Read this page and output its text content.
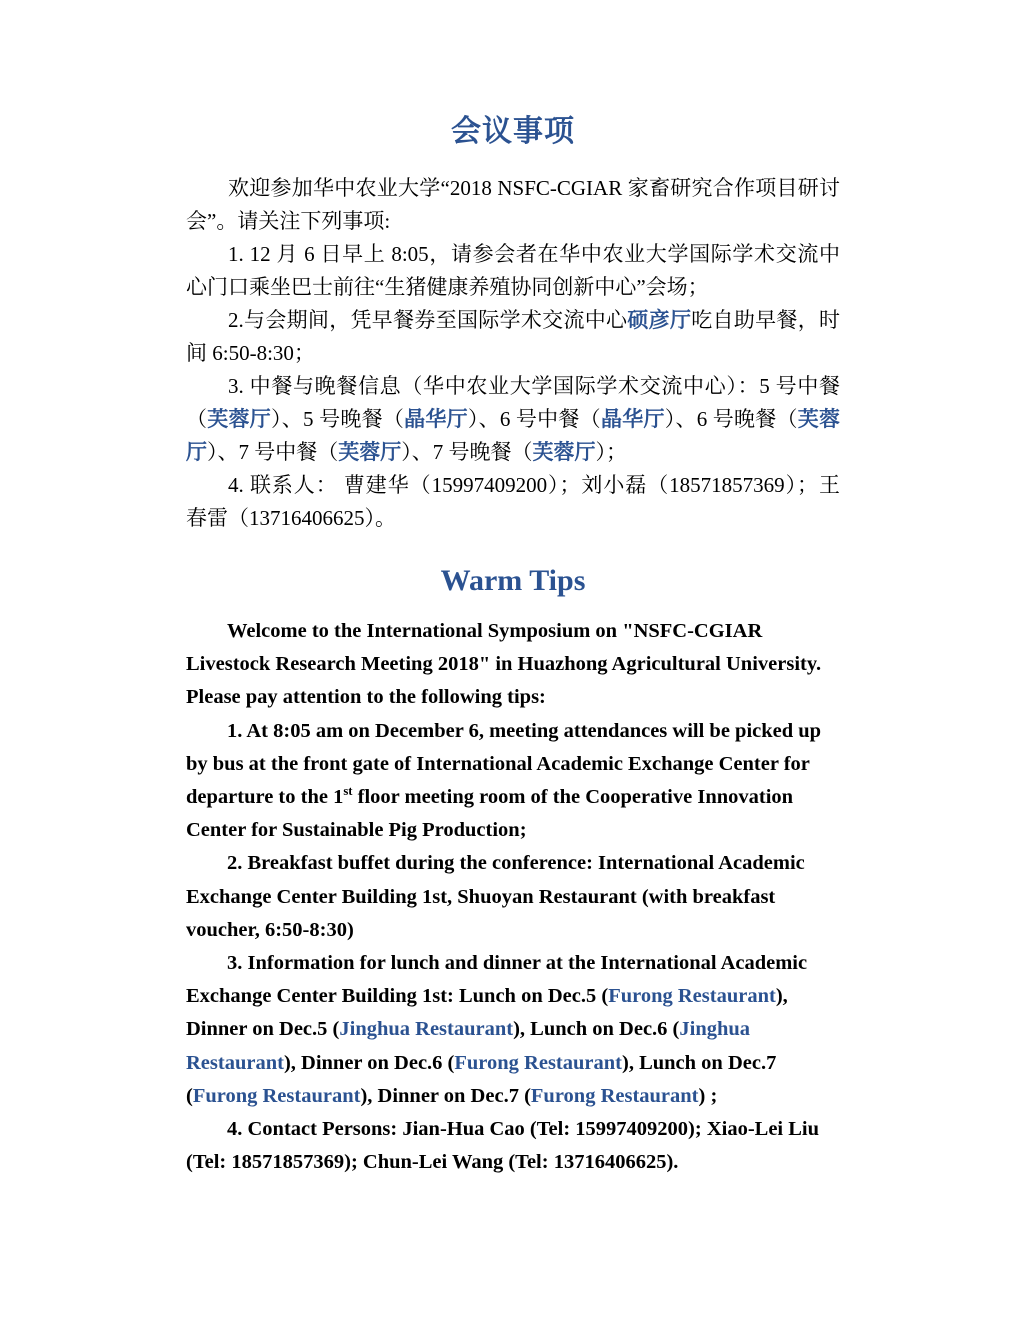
会议事项

欢迎参加华中农业大学“2018 NSFC-CGIAR 家畜研究合作项目研讨会”。请关注下列事项:

1. 12 月 6 日早上 8:05，请参会者在华中农业大学国际学术交流中心门口乘坐巴士前往“生猪健康养殖协同创新中心”会场；

2.与会期间，凭早餐券至国际学术交流中心硕彦厅吃自助早餐，时间 6:50-8:30；

3. 中餐与晚餐信息（华中农业大学国际学术交流中心）：5 号中餐（芙蓉厅）、5 号晚餐（晶华厅）、6 号中餐（晶华厅）、6 号晚餐（芙蓉厅）、7 号中餐（芙蓉厅）、7 号晚餐（芙蓉厅）；

4. 联系人： 曹建华（15997409200）；刘小磊（18571857369）；王春雷（13716406625）。

Warm Tips

Welcome to the International Symposium on "NSFC-CGIAR Livestock Research Meeting 2018" in Huazhong Agricultural University. Please pay attention to the following tips:

1. At 8:05 am on December 6, meeting attendances will be picked up by bus at the front gate of International Academic Exchange Center for departure to the 1st floor meeting room of the Cooperative Innovation Center for Sustainable Pig Production;

2. Breakfast buffet during the conference: International Academic Exchange Center Building 1st, Shuoyan Restaurant (with breakfast voucher, 6:50-8:30)

3. Information for lunch and dinner at the International Academic Exchange Center Building 1st: Lunch on Dec.5 (Furong Restaurant), Dinner on Dec.5 (Jinghua Restaurant), Lunch on Dec.6 (Jinghua Restaurant), Dinner on Dec.6 (Furong Restaurant), Lunch on Dec.7 (Furong Restaurant), Dinner on Dec.7 (Furong Restaurant) ;

4. Contact Persons: Jian-Hua Cao (Tel: 15997409200); Xiao-Lei Liu (Tel: 18571857369); Chun-Lei Wang (Tel: 13716406625).
